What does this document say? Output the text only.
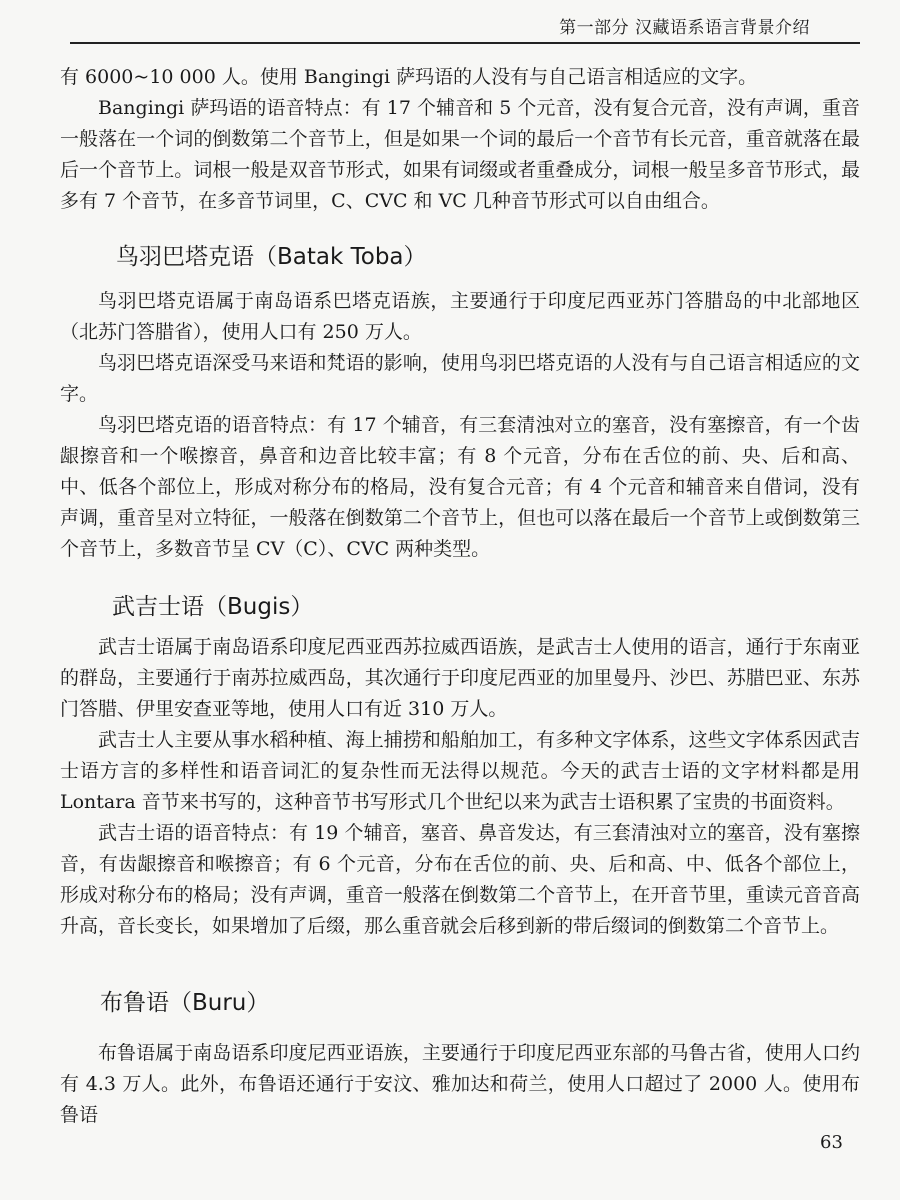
第一部分 汉藏语系语言背景介绍

有 6000~10 000 人。使用 Bangingi 萨玛语的人没有与自己语言相适应的文字。

Bangingi 萨玛语的语音特点：有 17 个辅音和 5 个元音，没有复合元音，没有声调，重音一般落在一个词的倒数第二个音节上，但是如果一个词的最后一个音节有长元音，重音就落在最后一个音节上。词根一般是双音节形式，如果有词缀或者重叠成分，词根一般呈多音节形式，最多有 7 个音节，在多音节词里，C、CVC 和 VC 几种音节形式可以自由组合。

鸟羽巴塔克语（Batak Toba）

鸟羽巴塔克语属于南岛语系巴塔克语族，主要通行于印度尼西亚苏门答腊岛的中北部地区（北苏门答腊省），使用人口有 250 万人。

鸟羽巴塔克语深受马来语和梵语的影响，使用鸟羽巴塔克语的人没有与自己语言相适应的文字。

鸟羽巴塔克语的语音特点：有 17 个辅音，有三套清浊对立的塞音，没有塞擦音，有一个齿龈擦音和一个喉擦音，鼻音和边音比较丰富；有 8 个元音，分布在舌位的前、央、后和高、中、低各个部位上，形成对称分布的格局，没有复合元音；有 4 个元音和辅音来自借词，没有声调，重音呈对立特征，一般落在倒数第二个音节上，但也可以落在最后一个音节上或倒数第三个音节上，多数音节呈 CV（C）、CVC 两种类型。

武吉士语（Bugis）

武吉士语属于南岛语系印度尼西亚西苏拉威西语族，是武吉士人使用的语言，通行于东南亚的群岛，主要通行于南苏拉威西岛，其次通行于印度尼西亚的加里曼丹、沙巴、苏腊巴亚、东苏门答腊、伊里安查亚等地，使用人口有近 310 万人。

武吉士人主要从事水稻种植、海上捕捞和船舶加工，有多种文字体系，这些文字体系因武吉士语方言的多样性和语音词汇的复杂性而无法得以规范。今天的武吉士语的文字材料都是用 Lontara 音节来书写的，这种音节书写形式几个世纪以来为武吉士语积累了宝贵的书面资料。

武吉士语的语音特点：有 19 个辅音，塞音、鼻音发达，有三套清浊对立的塞音，没有塞擦音，有齿龈擦音和喉擦音；有 6 个元音，分布在舌位的前、央、后和高、中、低各个部位上，形成对称分布的格局；没有声调，重音一般落在倒数第二个音节上，在开音节里，重读元音音高升高，音长变长，如果增加了后缀，那么重音就会后移到新的带后缀词的倒数第二个音节上。

布鲁语（Buru）

布鲁语属于南岛语系印度尼西亚语族，主要通行于印度尼西亚东部的马鲁古省，使用人口约有 4.3 万人。此外，布鲁语还通行于安汶、雅加达和荷兰，使用人口超过了 2000 人。使用布鲁语

63
